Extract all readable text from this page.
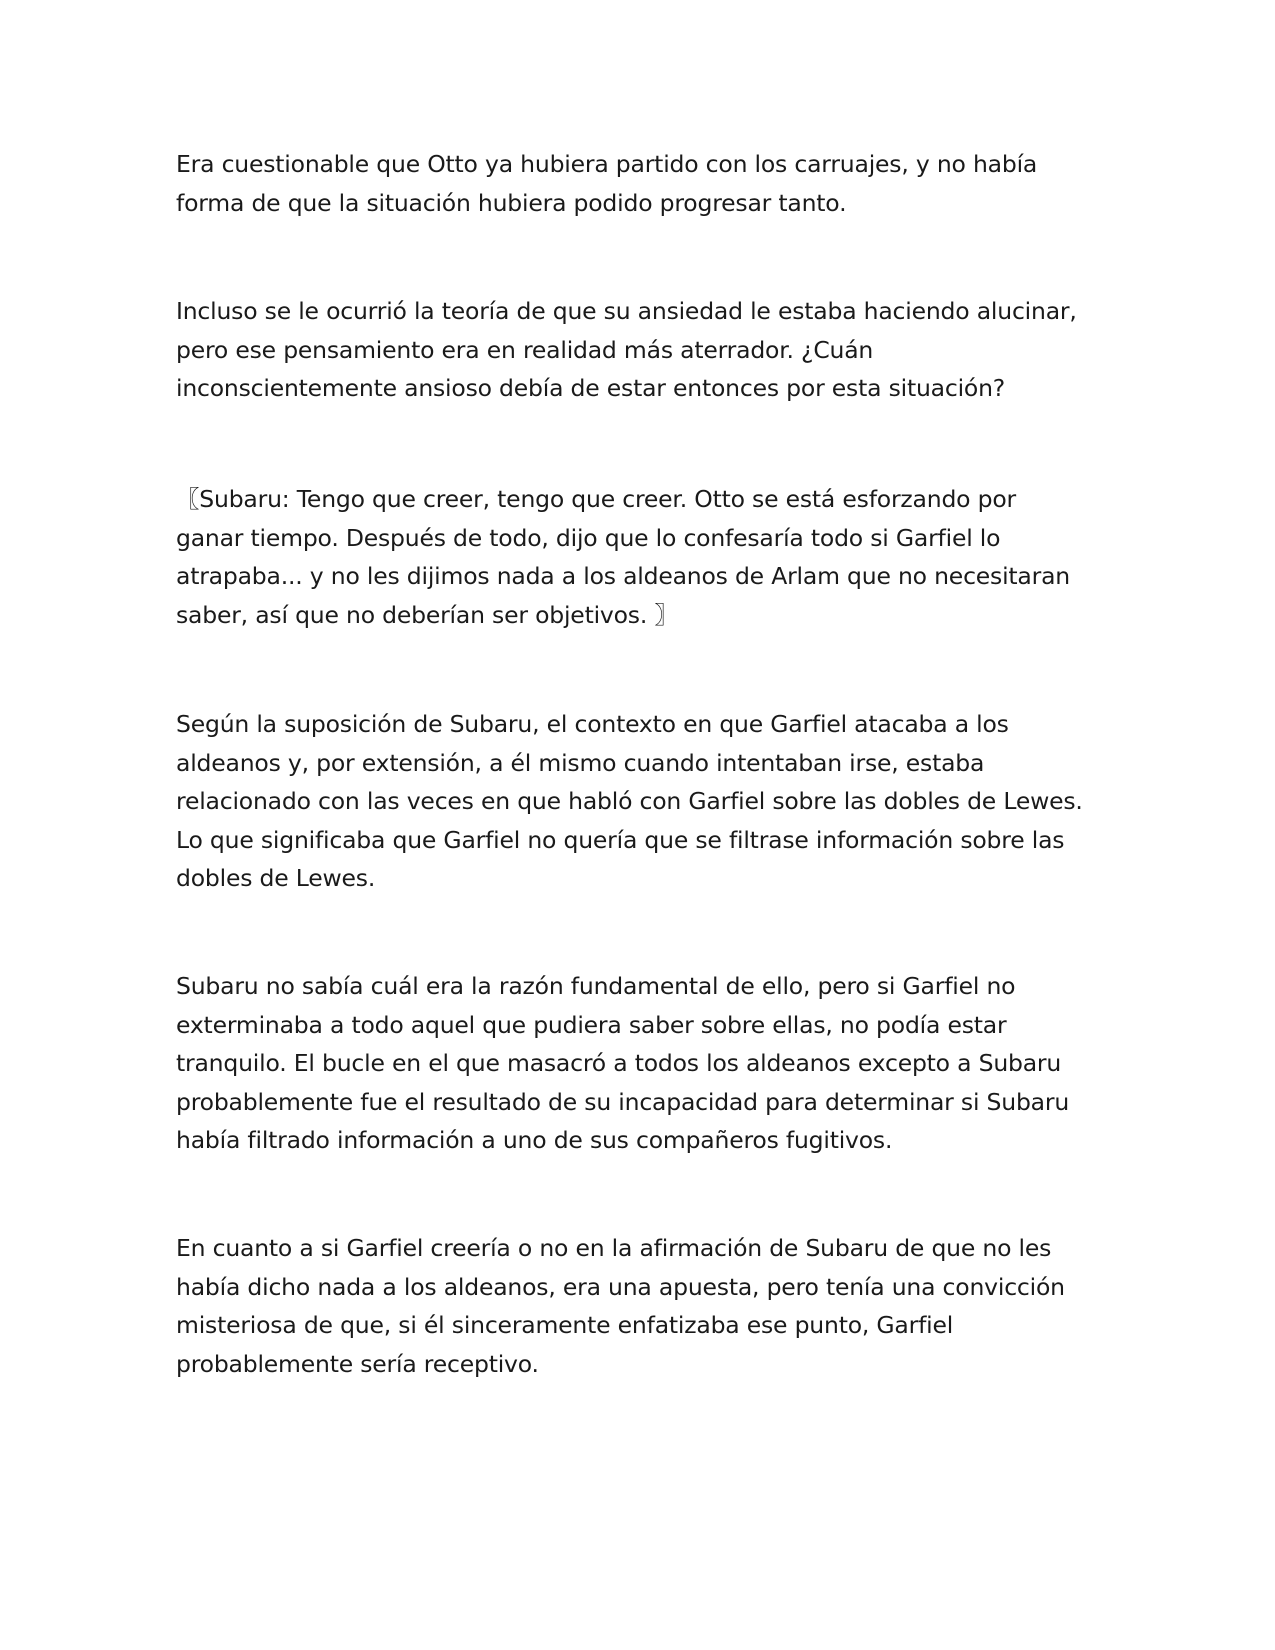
Era cuestionable que Otto ya hubiera partido con los carruajes, y no había
forma de que la situación hubiera podido progresar tanto.

Incluso se le ocurrió la teoría de que su ansiedad le estaba haciendo alucinar,
pero ese pensamiento era en realidad más aterrador. ¿Cuán
inconscientemente ansioso debía de estar entonces por esta situación?

〖Subaru: Tengo que creer, tengo que creer. Otto se está esforzando por
ganar tiempo. Después de todo, dijo que lo confesaría todo si Garfiel lo
atrapaba... y no les dijimos nada a los aldeanos de Arlam que no necesitaran
saber, así que no deberían ser objetivos. 〗

Según la suposición de Subaru, el contexto en que Garfiel atacaba a los
aldeanos y, por extensión, a él mismo cuando intentaban irse, estaba
relacionado con las veces en que habló con Garfiel sobre las dobles de Lewes.
Lo que significaba que Garfiel no quería que se filtrase información sobre las
dobles de Lewes.

Subaru no sabía cuál era la razón fundamental de ello, pero si Garfiel no
exterminaba a todo aquel que pudiera saber sobre ellas, no podía estar
tranquilo. El bucle en el que masacró a todos los aldeanos excepto a Subaru
probablemente fue el resultado de su incapacidad para determinar si Subaru
había filtrado información a uno de sus compañeros fugitivos.

En cuanto a si Garfiel creería o no en la afirmación de Subaru de que no les
había dicho nada a los aldeanos, era una apuesta, pero tenía una convicción
misteriosa de que, si él sinceramente enfatizaba ese punto, Garfiel
probablemente sería receptivo.
